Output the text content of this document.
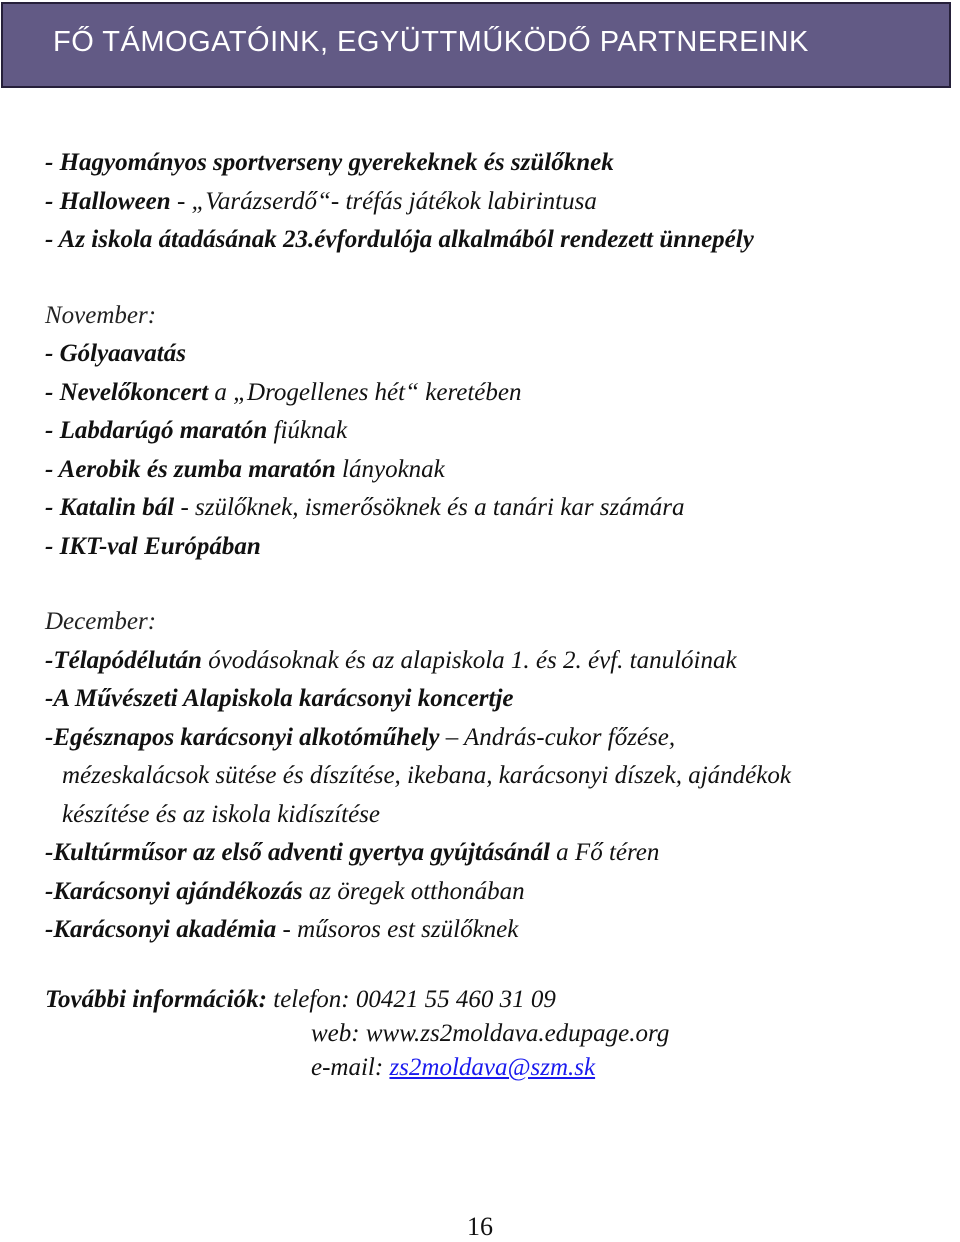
FŐ TÁMOGATÓINK, EGYÜTTMŰKÖDŐ PARTNEREINK
- Hagyományos sportverseny gyerekeknek és szülőknek
- Halloween - „Varázserdő“- tréfás játékok labirintusa
- Az iskola átadásának 23.évfordulója alkalmából rendezett ünnepély
November:
- Gólyaavatás
- Nevelőkoncert a „Drogellenes hét“ keretében
- Labdarúgó maratón fiúknak
- Aerobik és zumba maratón lányoknak
- Katalin bál - szülőknek, ismerősöknek és a tanári kar számára
- IKT-val Európában
December:
-Télapódélután óvodásoknak és az alapiskola 1. és 2. évf. tanulóinak
-A Művészeti Alapiskola karácsonyi koncertje
-Egésznapos karácsonyi alkotóműhely – András-cukor főzése,
mézeskalácsok sütése és díszítése, ikebana, karácsonyi díszek, ajándékok
készítése és az iskola kidíszítése
-Kultúrműsor az első adventi gyertya gyújtásánál a Fő téren
-Karácsonyi ajándékozás az öregek otthonában
-Karácsonyi akadémia - műsoros est szülőknek
További információk: telefon: 00421 55 460 31 09
web: www.zs2moldava.edupage.org
e-mail: zs2moldava@szm.sk
16
